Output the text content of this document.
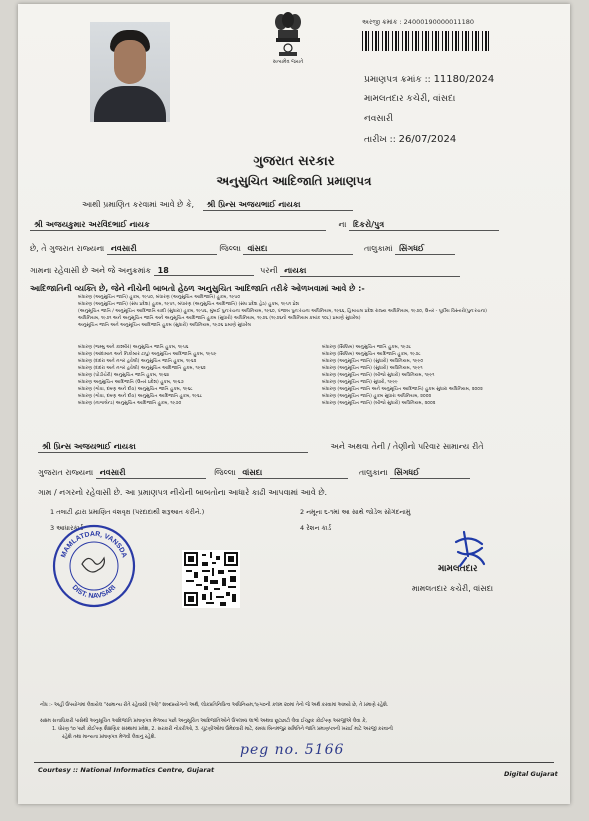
સત્યમેવ જયતે
અરજી ક્રમાંક : 24000190000011180
પ્રમાણપત્ર ક્રમાંક :: 11180/2024
મામલતદાર કચેરી, વાંસદા
નવસારી
તારીખ :: 26/07/2024
ગુજરાત સરકાર
અનુસુચિત આદિજાતિ પ્રમાણપત્ર
આથી પ્રમાણિત કરવામાં આવે છે કે, શ્રી પ્રિન્સ અજયભાઈ નાયકા
શ્રી અજયકુમાર અરવિંદભાઈ નાયક	ના દિકરો/પુત્ર
છે, તે ગુજરાત રાજ્યના નવસારી	જિલ્લા વાંસદા	તાલુકામાં સિંગધઈ
ગામના રહેવાસી છે અને જે અનુક્રમાંક 18	પરની નાયકા
આદિજાતિની વ્યક્તિ છે, જેને નીચેની બાબતો હેઠળ અનુસુચિત આદિજાતિ તરીકે ઓળખવામાં આવે છે :-
બંધારણ (અનુસુચિત જાતિ) હુકમ, ૧૯૫૦, બંધારણ (અનુસુચિત આદિજાતિ) હુકમ, ૧૯૫૦
બંધારણ (અનુસુચિત જાતિ) (સંઘ પ્રદેશ) હુકમ, ૧૯૫૧, બંધારણ (અનુસુચિત આદિજાતિ) (સંઘ પ્રદેશ હેઠ) હુકમ, ૧૯૫૧ પ્રેશ
(અનુસૂચિત જાતિ / અનુસૂચિત આદિજાતિ યાદી (સુધારા) હુકમ, ૧૯૫૬, મુંબઈ પુનઃરચના અધિનિયમ, ૧૯૬૦, પંજાબ પુનઃરચના અધિનિયમ, ૧૯૬૬, હિમાચલ પ્રદેશ રાજ્ય અધિનિયમ, ૧૯૭૦, ઉત્તર - પૂર્વીય વિસ્તારો(પુનઃરચના)
અધિનિયમ, ૧૯૭૧ અને અનુસૂચિત જાતિ અને અનુસૂચિત આદિજાતિ હુકમ (સુધારો) અધિનિયમ, ૧૯૭૬ (૧૯૭૬નો અધિનિયમ ક્રમાંક ૧૦૮) પ્રમાણે સુધારેલ)
અનુસૂચિત જાતિ અને અનુસૂચિત આદિજાતિ હુકમ (સુધારો) અધિનિયમ, ૧૯૭૬ પ્રમાણે સુધારેલ
બંધારણ (જમ્મુ અને કાશ્મીર) અનુસુચિત જાતિ હુકમ, ૧૯૫૬
બંધારણ (આંદામાન અને નિકોબાર ટાપુ) અનુસુચિત આદિજાતિ હુકમ, ૧૯૫૯
બંધારણ (દાદરા અને નગર હવેલી) અનુસુચિત જાતિ હુકમ, ૧૯૬૨
બંધારણ (દાદરા અને નગર હવેલી) અનુસુચિત આદિજાતિ હુકમ, ૧૯૬૨
બંધારણ (પોંડીચેરી) અનુસુચિત જાતિ હુકમ, ૧૯૬૪
બંધારણ અનુસુચિત આદિજાતિ (ઉત્તર પ્રદેશ) હુકમ, ૧૯૬૭
બંધારણ (ગોવા, દમણ અને દીવ) અનુસુચિત જાતિ હુકમ, ૧૯૬૮
બંધારણ (ગોવા, દમણ અને દીવ) અનુસુચિત આદિજાતિ હુકમ, ૧૯૬૮
બંધારણ (નાગાલેન્ડ) અનુસુચિત આદિજાતિ હુકમ, ૧૯૭૦
બંધારણ (સિક્કિમ) અનુસુચિત જાતિ હુકમ, ૧૯૭૮
બંધારણ (સિક્કિમ) અનુસુચિત આદિજાતિ હુકમ, ૧૯૭૮
બંધારણ (અનુસૂચિત જાતિ) (સુધારો) અધિનિયમ, ૧૯૯૦
બંધારણ (અનુસૂચિત જાતિ) (સુધારો) અધિનિયમ, ૧૯૯૧
બંધારણ (અનુસૂચિત જાતિ) (બીજો સુધારો) અધિનિયમ, ૧૯૯૧
બંધારણ (અનુસૂચિત જાતિ) સુધારો, ૧૯૯૯
બંધારણ (અનુસૂચિત જાતિ અને અનુસૂચિત આદિજાતિ) હુકમ સુધારા અધિનિયમ, ૨૦૦૨
બંધારણ (અનુસૂચિત જાતિ) હુકમ સુધારા અધિનિયમ, ૨૦૦૨
બંધારણ (અનુસૂચિત જાતિ) (બીજો સુધારો) અધિનિયમ, ૨૦૦૨
શ્રી પ્રિન્સ અજયભાઈ નાયકા	અને અથવા તેની / તેણીનો પરિવાર સામાન્ય રીતે
ગુજરાત રાજ્યના નવસારી	જિલ્લા વાંસદા	તાલુકાના સિંગધઈ
ગામ / નગરનો રહેવાસી છે. આ પ્રમાણપત્ર નીચેની બાબતોના આધારે કાઢી આપવામાં આવે છે.
1 તલાટી દ્વારા પ્રમાણિત વંશવૃક્ષ (પરદાદાથી શરૂઆત કરીને.)	2 નમૂના ૬-૧માં આ સાથે જોડેલ સોગંદનામું
3 આધારકાર્ડ	4 રેશન કાર્ડ
MAMLATDAR, VANSDA
DIST. NAVSARI
મામલતદાર
મામલતદાર કચેરી, વાંસદા
નોંધ :- અહીં ઉપયોગમાં લેવાયેલ "સામાન્ય રીતે રહેવાસી (ઓ)" શબ્દપ્રયોગનો અર્થ, લોકપ્રતિનિધિત્વ અધિનિયમ,૧૯૫૦ની કલમ ૨૦માં તેનો જે અર્થ કરવામાં આવ્યો છે, તે પ્રમાણે રહેશે.
સક્ષમ સત્તાધિકારી પાસેથી અનુસૂચિત આદિજાતિ પ્રમાણપત્ર મેળવ્યા પછી અનુસૂચિત આદિજાતિઓને ઉપલબ્ધ લાભો અથવા છૂટછાટો લેવા ઈચ્છુક કોઈપણ અરજીએ લેવા કે,
1. ધોરણ ૧૦ પછી કોઈપણ શૈક્ષણિક સંસ્થામાં પ્રવેશ, 2. સરકારી નોકરીઓ, 3. ચૂંટણીઓમાં ઉમેદવારી માટે, સંબંધ બિનમંજુર સમિતિને જાતિ પ્રમાણપત્રની ખરાઈ માટે અરજી કરવાની
રહેશે તથા માન્યતા પ્રમાણપત્ર મેળવી લેવાનું રહેશે.
peg no. 5166
Courtesy :: National Informatics Centre, Gujarat	Digital Gujarat
